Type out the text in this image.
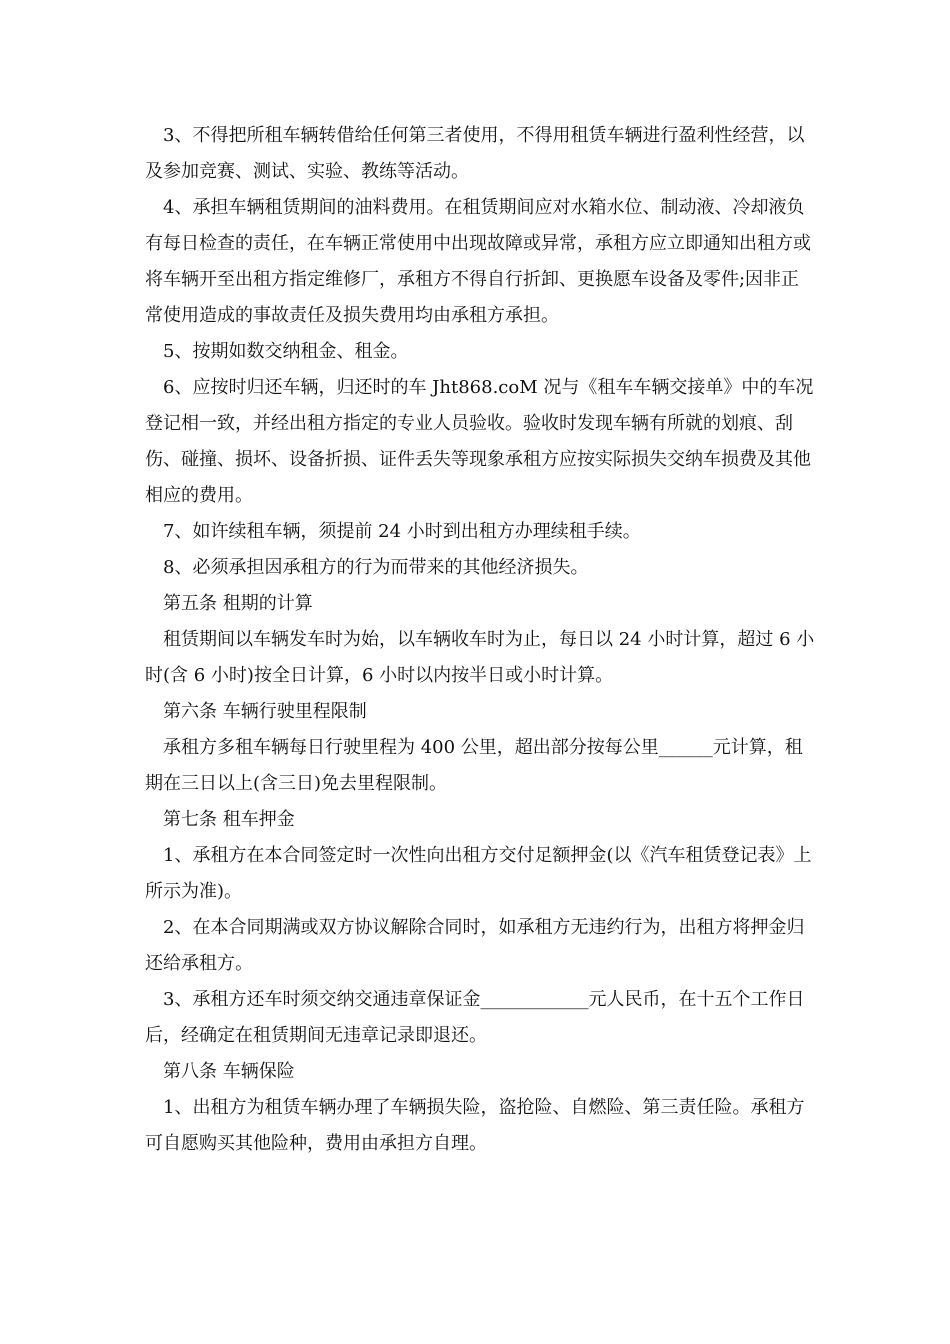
3、不得把所租车辆转借给任何第三者使用，不得用租赁车辆进行盈利性经营，以及参加竞赛、测试、实验、教练等活动。

4、承担车辆租赁期间的油料费用。在租赁期间应对水箱水位、制动液、冷却液负有每日检查的责任，在车辆正常使用中出现故障或异常，承租方应立即通知出租方或将车辆开至出租方指定维修厂，承租方不得自行折卸、更换愿车设备及零件;因非正常使用造成的事故责任及损失费用均由承租方承担。

5、按期如数交纳租金、租金。

6、应按时归还车辆，归还时的车 Jht868.coM 况与《租车车辆交接单》中的车况登记相一致，并经出租方指定的专业人员验收。验收时发现车辆有所就的划痕、刮伤、碰撞、损坏、设备折损、证件丢失等现象承租方应按实际损失交纳车损费及其他相应的费用。

7、如许续租车辆，须提前 24 小时到出租方办理续租手续。

8、必须承担因承租方的行为而带来的其他经济损失。

第五条 租期的计算

租赁期间以车辆发车时为始，以车辆收车时为止，每日以 24 小时计算，超过 6 小时(含 6 小时)按全日计算，6 小时以内按半日或小时计算。

第六条 车辆行驶里程限制

承租方多租车辆每日行驶里程为 400 公里，超出部分按每公里______元计算，租期在三日以上(含三日)免去里程限制。

第七条 租车押金

1、承租方在本合同签定时一次性向出租方交付足额押金(以《汽车租赁登记表》上所示为准)。

2、在本合同期满或双方协议解除合同时，如承租方无违约行为，出租方将押金归还给承租方。

3、承租方还车时须交纳交通违章保证金____________元人民币，在十五个工作日后，经确定在租赁期间无违章记录即退还。

第八条 车辆保险

1、出租方为租赁车辆办理了车辆损失险，盗抢险、自燃险、第三责任险。承租方可自愿购买其他险种，费用由承担方自理。
